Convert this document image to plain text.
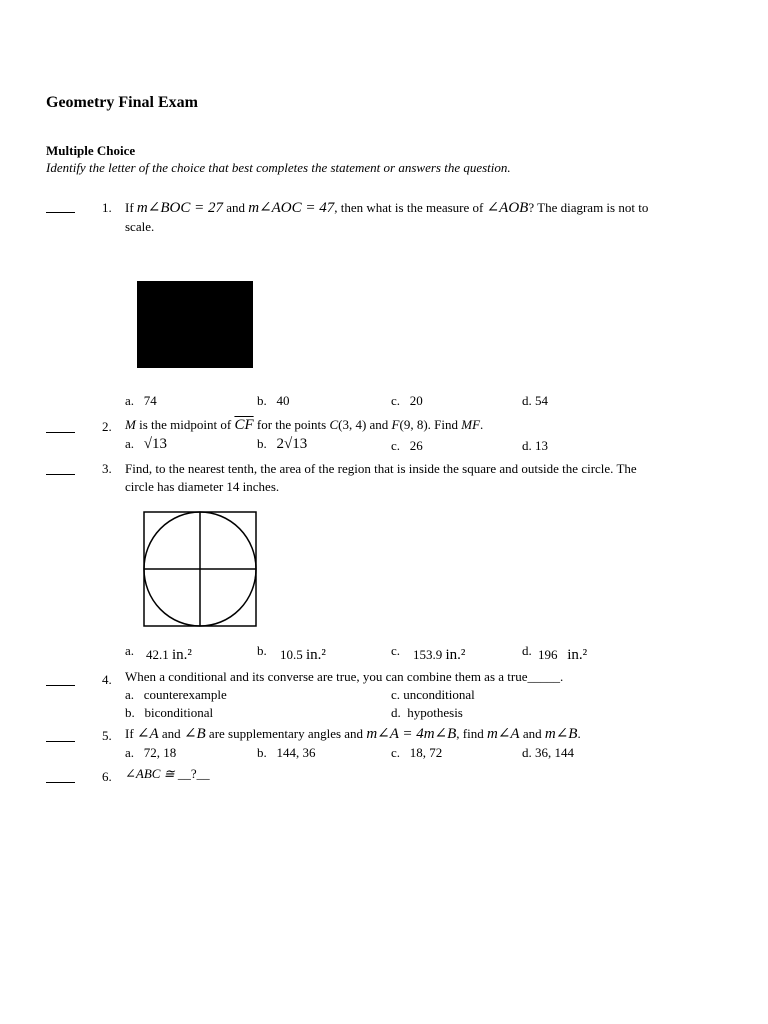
Geometry Final Exam
Multiple Choice
Identify the letter of the choice that best completes the statement or answers the question.
1. If m∠BOC = 27 and m∠AOC = 47, then what is the measure of ∠AOB? The diagram is not to
scale.
a. 74	b. 40	c. 20	d. 54
2. M is the midpoint of $\overline{CF}$ for the points C(3, 4) and F(9, 8). Find MF.
a. √13	b. 2√13	c. 26	d. 13
3. Find, to the nearest tenth, the area of the region that is inside the square and outside the circle. The
circle has diameter 14 inches.
a. 42.1 in.²	b. 10.5 in.²	c. 153.9 in.²	d. 196 in.²
4. When a conditional and its converse are true, you can combine them as a true_____.
a. counterexample	c. unconditional
b. biconditional	d. hypothesis
5. If ∠A and ∠B are supplementary angles and m∠A = 4m∠B, find m∠A and m∠B.
a. 72, 18	b. 144, 36	c. 18, 72	d. 36, 144
6. ∠ABC ≅ __?__
